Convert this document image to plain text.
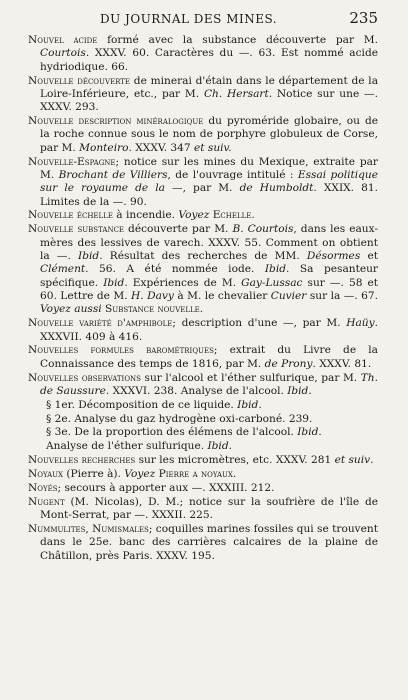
DU JOURNAL DES MINES.	235
Nouvel acide formé avec la substance découverte par M. Courtois. XXXV. 60. Caractères du —. 63. Est nommé acide hydriodique. 66.
Nouvelle découverte de minerai d'étain dans le département de la Loire-Inférieure, etc., par M. Ch. Hersart. Notice sur une —. XXXV. 293.
Nouvelle description minéralogique du pyroméride globaire, ou de la roche connue sous le nom de porphyre globuleux de Corse, par M. Monteiro. XXXV. 347 et suiv.
Nouvelle-Espagne; notice sur les mines du Mexique, extraite par M. Brochant de Villiers, de l'ouvrage intitulé : Essai politique sur le royaume de la —, par M. de Humboldt. XXIX. 81. Limites de la —. 90.
Nouvelle échelle à incendie. Voyez Echelle.
Nouvelle substance découverte par M. B. Courtois, dans les eaux-mères des lessives de varech. XXXV. 55. Comment on obtient la —. Ibid. Résultat des recherches de MM. Désormes et Clément. 56. A été nommée iode. Ibid. Sa pesanteur spécifique. Ibid. Expériences de M. Gay-Lussac sur —. 58 et 60. Lettre de M. H. Davy à M. le chevalier Cuvier sur la —. 67. Voyez aussi Substance nouvelle.
Nouvelle variété d'amphibole; description d'une —, par M. Haüy. XXXVII. 409 à 416.
Nouvelles formules barométriques; extrait du Livre de la Connaissance des temps de 1816, par M. de Prony. XXXV. 81.
Nouvelles observations sur l'alcool et l'éther sulfurique, par M. Th. de Saussure. XXXVI. 238. Analyse de l'alcool. Ibid.
§ 1er. Décomposition de ce liquide. Ibid.
§ 2e. Analyse du gaz hydrogène oxi-carboné. 239.
§ 3e. De la proportion des élémens de l'alcool. Ibid.
Analyse de l'éther sulfurique. Ibid.
Nouvelles recherches sur les micromètres, etc. XXXV. 281 et suiv.
Noyaux (Pierre à). Voyez Pierre a noyaux.
Noyés; secours à apporter aux —. XXXIII. 212.
Nugent (M. Nicolas), D. M.; notice sur la soufrière de l'île de Mont-Serrat, par —. XXXII. 225.
Nummulites, Numismales; coquilles marines fossiles qui se trouvent dans le 25e. banc des carrières calcaires de la plaine de Châtillon, près Paris. XXXV. 195.
